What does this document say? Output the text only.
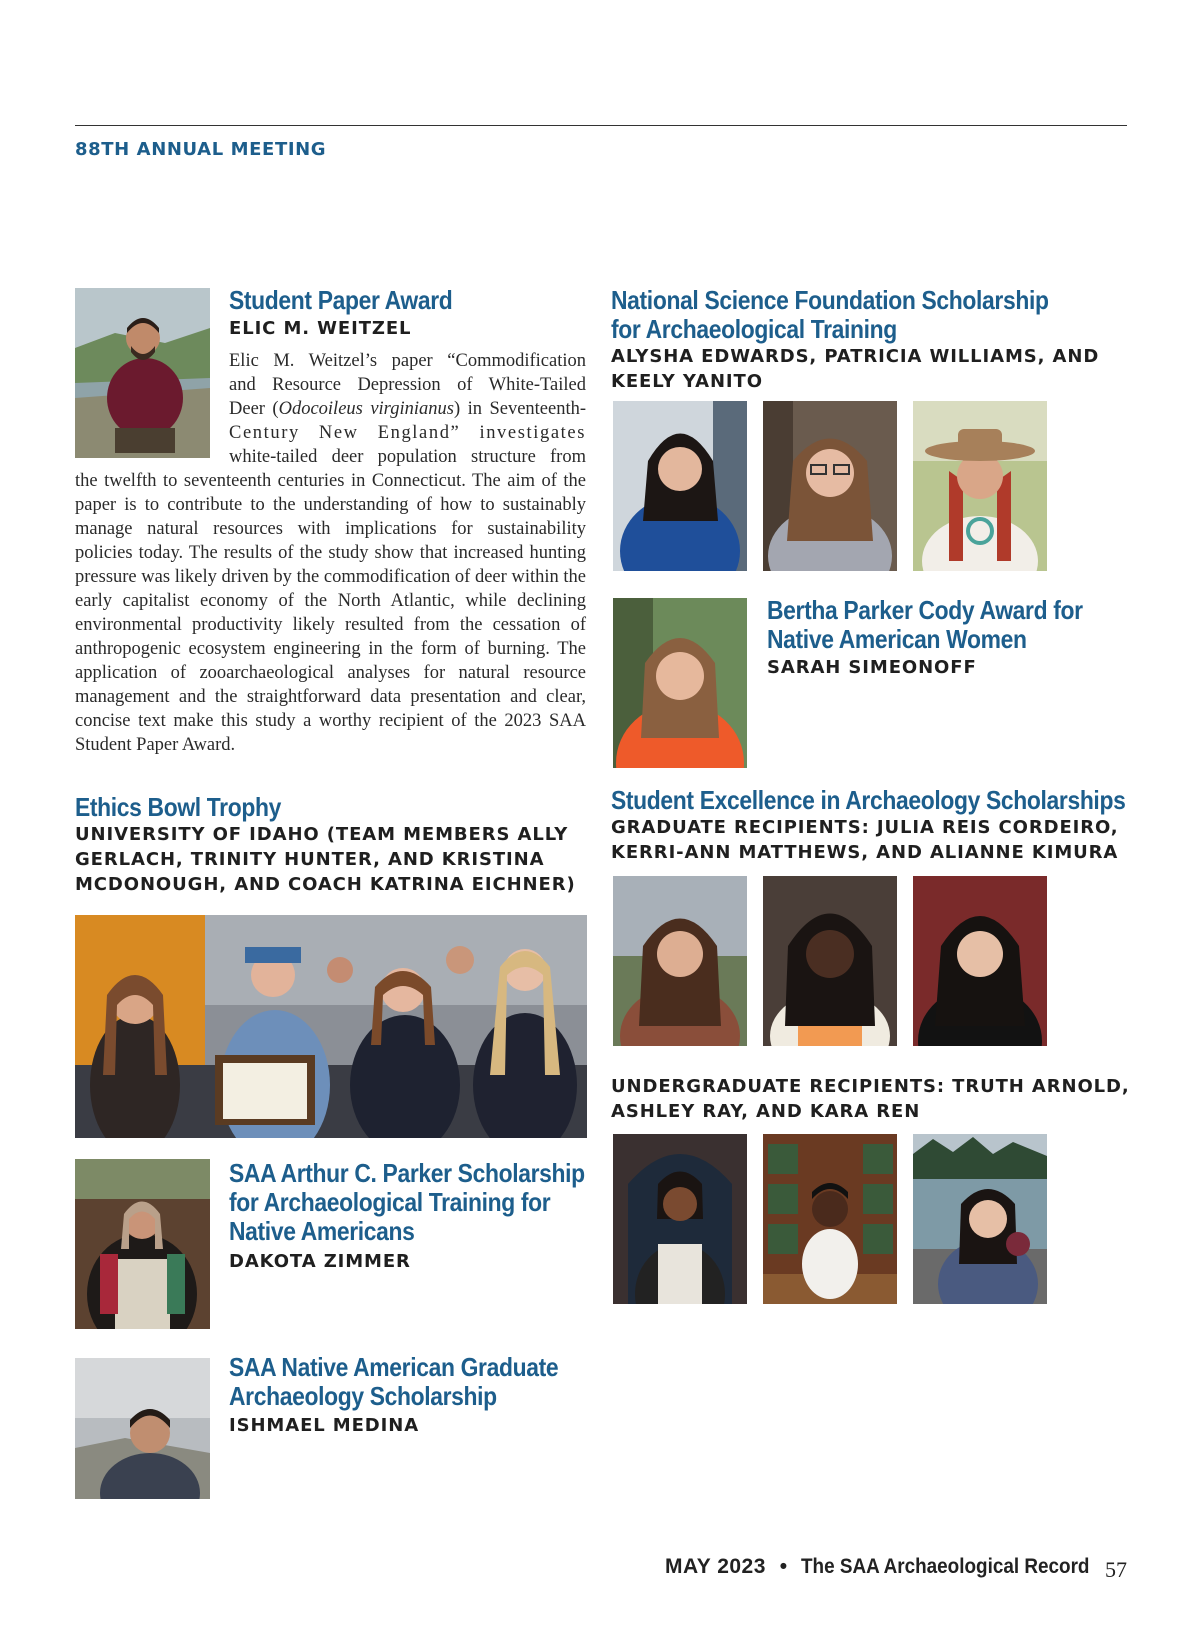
88TH ANNUAL MEETING
Student Paper Award
ELIC M. WEITZEL
Elic M. Weitzel’s paper “Commodification
and Resource Depression of White-Tailed
Deer (Odocoileus virginianus) in Seventeenth-
Century New England” investigates
white-tailed deer population structure from
the twelfth to seventeenth centuries in Connecticut. The aim of the paper is to contribute to the understanding of how to sustainably manage natural resources with implications for sustainability policies today. The results of the study show that increased hunting pressure was likely driven by the commodification of deer within the early capitalist economy of the North Atlantic, while declining environmental productivity likely resulted from the cessation of anthropogenic ecosystem engineering in the form of burning. The application of zooarchaeological analyses for natural resource management and the straightforward data presentation and clear, concise text make this study a worthy recipient of the 2023 SAA Student Paper Award.
Ethics Bowl Trophy
UNIVERSITY OF IDAHO (TEAM MEMBERS ALLY
GERLACH, TRINITY HUNTER, AND KRISTINA
MCDONOUGH, AND COACH KATRINA EICHNER)
SAA Arthur C. Parker Scholarship
for Archaeological Training for
Native Americans
DAKOTA ZIMMER
SAA Native American Graduate
Archaeology Scholarship
ISHMAEL MEDINA
National Science Foundation Scholarship
for Archaeological Training
ALYSHA EDWARDS, PATRICIA WILLIAMS, AND
KEELY YANITO
Bertha Parker Cody Award for
Native American Women
SARAH SIMEONOFF
Student Excellence in Archaeology Scholarships
GRADUATE RECIPIENTS: JULIA REIS CORDEIRO,
KERRI-ANN MATTHEWS, AND ALIANNE KIMURA
UNDERGRADUATE RECIPIENTS: TRUTH ARNOLD,
ASHLEY RAY, AND KARA REN
MAY 2023 • The SAA Archaeological Record 57
